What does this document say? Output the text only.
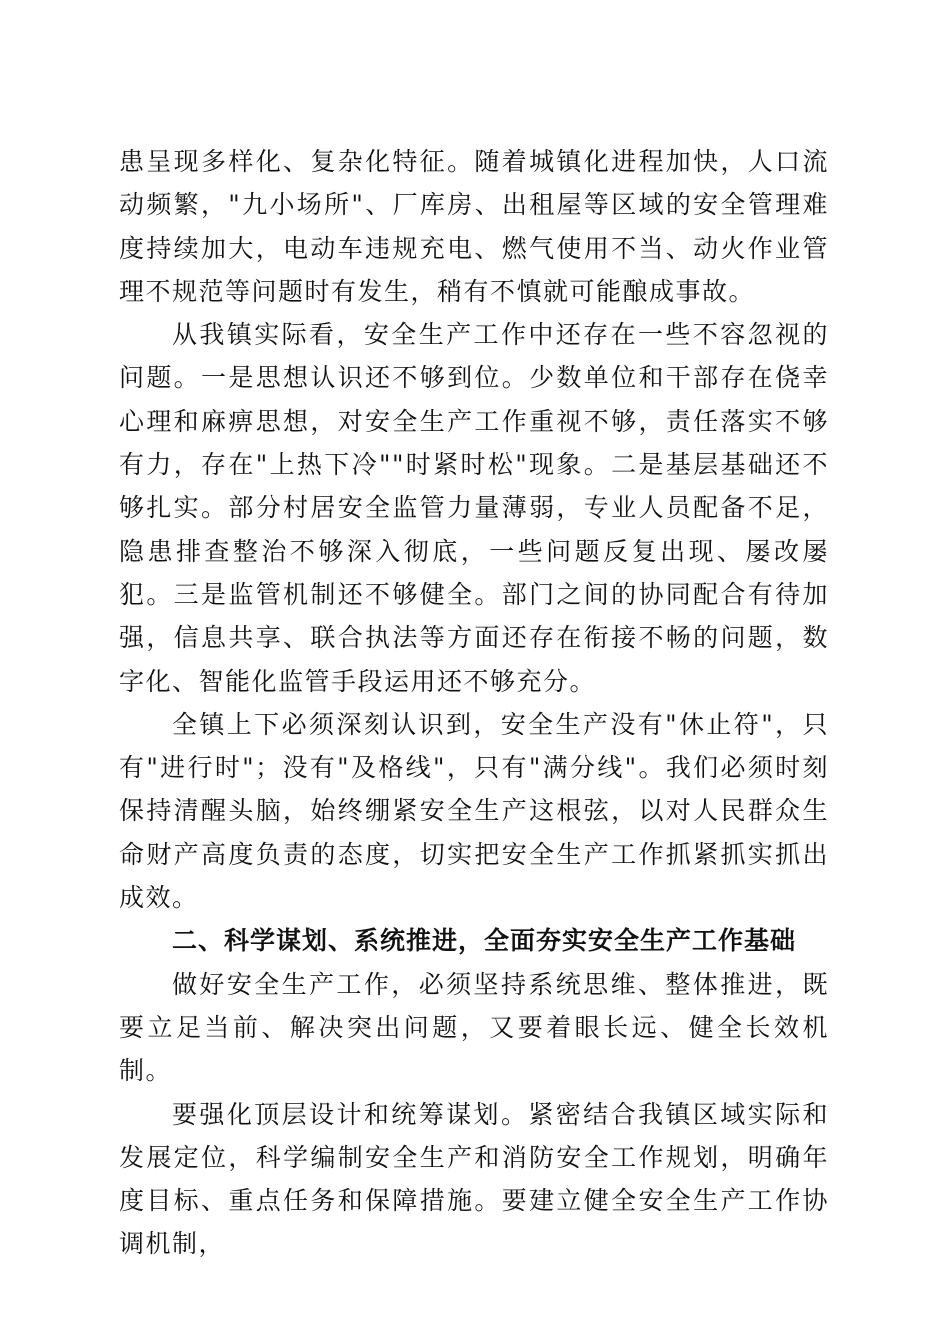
患呈现多样化、复杂化特征。随着城镇化进程加快，人口流动频繁，"九小场所"、厂库房、出租屋等区域的安全管理难度持续加大，电动车违规充电、燃气使用不当、动火作业管理不规范等问题时有发生，稍有不慎就可能酿成事故。

从我镇实际看，安全生产工作中还存在一些不容忽视的问题。一是思想认识还不够到位。少数单位和干部存在侥幸心理和麻痹思想，对安全生产工作重视不够，责任落实不够有力，存在"上热下冷""时紧时松"现象。二是基层基础还不够扎实。部分村居安全监管力量薄弱，专业人员配备不足，隐患排查整治不够深入彻底，一些问题反复出现、屡改屡犯。三是监管机制还不够健全。部门之间的协同配合有待加强，信息共享、联合执法等方面还存在衔接不畅的问题，数字化、智能化监管手段运用还不够充分。

全镇上下必须深刻认识到，安全生产没有"休止符"，只有"进行时"；没有"及格线"，只有"满分线"。我们必须时刻保持清醒头脑，始终绷紧安全生产这根弦，以对人民群众生命财产高度负责的态度，切实把安全生产工作抓紧抓实抓出成效。

二、科学谋划、系统推进，全面夯实安全生产工作基础

做好安全生产工作，必须坚持系统思维、整体推进，既要立足当前、解决突出问题，又要着眼长远、健全长效机制。

要强化顶层设计和统筹谋划。紧密结合我镇区域实际和发展定位，科学编制安全生产和消防安全工作规划，明确年度目标、重点任务和保障措施。要建立健全安全生产工作协调机制，
